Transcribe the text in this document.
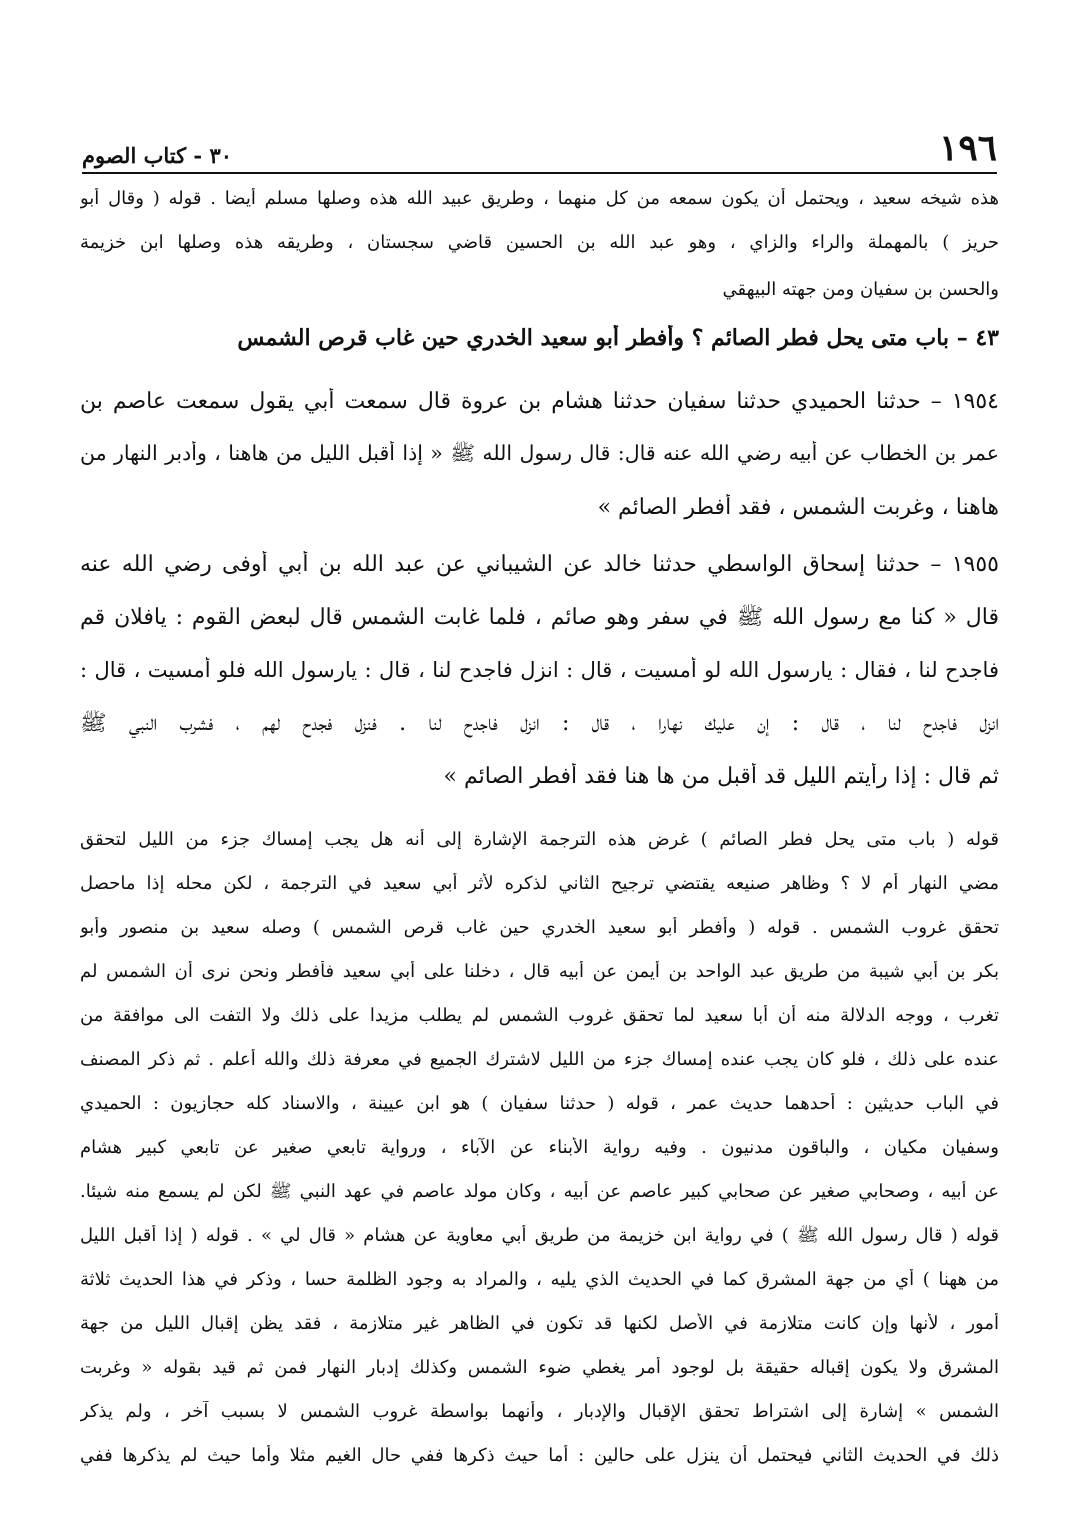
١٩٦
٣٠ - كتاب الصوم
هذه شيخه سعيد ، ويحتمل أن يكون سمعه من كل منهما ، وطريق عبيد الله هذه وصلها مسلم أيضا . قوله ( وقال أبو
حريز ) بالمهملة والراء والزاي ، وهو عبد الله بن الحسين قاضي سجستان ، وطريقه هذه وصلها ابن خزيمة
والحسن بن سفيان ومن جهته البيهقي
٤٣ – باب متى يحل فطر الصائم ؟ وأفطر أبو سعيد الخدري حين غاب قرص الشمس
١٩٥٤ – حدثنا الحميدي حدثنا سفيان حدثنا هشام بن عروة قال سمعت أبي يقول سمعت عاصم بن
عمر بن الخطاب عن أبيه رضي الله عنه قال: قال رسول الله ﷺ « إذا أقبل الليل من هاهنا ، وأدبر النهار من
هاهنا ، وغربت الشمس ، فقد أفطر الصائم »
١٩٥٥ – حدثنا إسحاق الواسطي حدثنا خالد عن الشيباني عن عبد الله بن أبي أوفى رضي الله عنه
قال « كنا مع رسول الله ﷺ في سفر وهو صائم ، فلما غابت الشمس قال لبعض القوم : يافلان قم
فاجدح لنا ، فقال : يارسول الله لو أمسيت ، قال : انزل فاجدح لنا ، قال : يارسول الله فلو أمسيت ، قال :
انزل فاجدح لنا ، قال : إن عليك نهارا ، قال : انزل فاجدح لنا . فنزل فجدح لهم ، فشرب النبي ﷺ
ثم قال : إذا رأيتم الليل قد أقبل من ها هنا فقد أفطر الصائم »
قوله ( باب متى يحل فطر الصائم ) غرض هذه الترجمة الإشارة إلى أنه هل يجب إمساك جزء من الليل لتحقق
مضي النهار أم لا ؟ وظاهر صنيعه يقتضي ترجيح الثاني لذكره لأثر أبي سعيد في الترجمة ، لكن محله إذا ماحصل
تحقق غروب الشمس . قوله ( وأفطر أبو سعيد الخدري حين غاب قرص الشمس ) وصله سعيد بن منصور وأبو
بكر بن أبي شيبة من طريق عبد الواحد بن أيمن عن أبيه قال ، دخلنا على أبي سعيد فأفطر ونحن نرى أن الشمس لم
تغرب ، ووجه الدلالة منه أن أبا سعيد لما تحقق غروب الشمس لم يطلب مزيدا على ذلك ولا التفت الى موافقة من
عنده على ذلك ، فلو كان يجب عنده إمساك جزء من الليل لاشترك الجميع في معرفة ذلك والله أعلم . ثم ذكر المصنف
في الباب حديثين : أحدهما حديث عمر ، قوله ( حدثنا سفيان ) هو ابن عيينة ، والاسناد كله حجازيون : الحميدي
وسفيان مكيان ، والباقون مدنيون . وفيه رواية الأبناء عن الآباء ، ورواية تابعي صغير عن تابعي كبير هشام
عن أبيه ، وصحابي صغير عن صحابي كبير عاصم عن أبيه ، وكان مولد عاصم في عهد النبي ﷺ لكن لم يسمع منه شيئا.
قوله ( قال رسول الله ﷺ ) في رواية ابن خزيمة من طريق أبي معاوية عن هشام « قال لي » . قوله ( إذا أقبل الليل
من ههنا ) أي من جهة المشرق كما في الحديث الذي يليه ، والمراد به وجود الظلمة حسا ، وذكر في هذا الحديث ثلاثة
أمور ، لأنها وإن كانت متلازمة في الأصل لكنها قد تكون في الظاهر غير متلازمة ، فقد يظن إقبال الليل من جهة
المشرق ولا يكون إقباله حقيقة بل لوجود أمر يغطي ضوء الشمس وكذلك إدبار النهار فمن ثم قيد بقوله « وغربت
الشمس » إشارة إلى اشتراط تحقق الإقبال والإدبار ، وأنهما بواسطة غروب الشمس لا بسبب آخر ، ولم يذكر
ذلك في الحديث الثاني فيحتمل أن ينزل على حالين : أما حيث ذكرها ففي حال الغيم مثلا وأما حيث لم يذكرها ففي
